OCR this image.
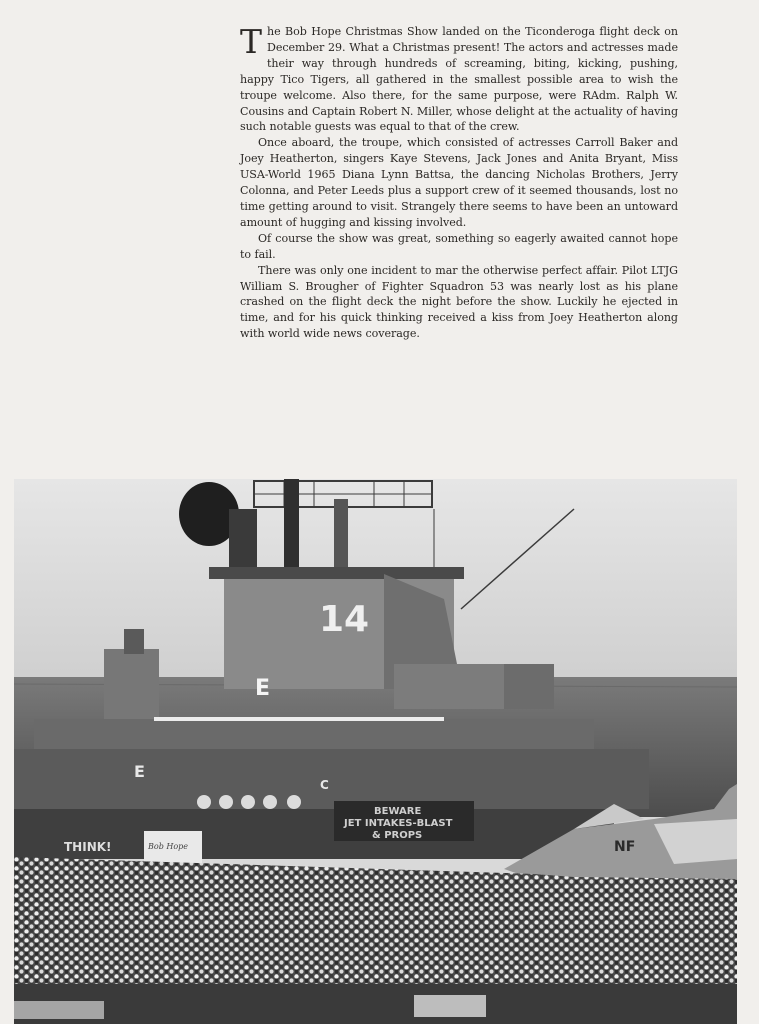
The Bob Hope Christmas Show landed on the Ticonderoga flight deck on December 29. What a Christmas present! The actors and actresses made their way through hundreds of screaming, biting, kicking, pushing, happy Tico Tigers, all gathered in the smallest possible area to wish the troupe welcome. Also there, for the same purpose, were RAdm. Ralph W. Cousins and Captain Robert N. Miller, whose delight at the actuality of having such notable guests was equal to that of the crew.

Once aboard, the troupe, which consisted of actresses Carroll Baker and Joey Heatherton, singers Kaye Stevens, Jack Jones and Anita Bryant, Miss USA-World 1965 Diana Lynn Battsa, the dancing Nicholas Brothers, Jerry Colonna, and Peter Leeds plus a support crew of it seemed thousands, lost no time getting around to visit. Strangely there seems to have been an untoward amount of hugging and kissing involved.

Of course the show was great, something so eagerly awaited cannot hope to fail.

There was only one incident to mar the otherwise perfect affair. Pilot LTJG William S. Brougher of Fighter Squadron 53 was nearly lost as his plane crashed on the flight deck the night before the show. Luckily he ejected in time, and for his quick thinking received a kiss from Joey Heatherton along with world wide news coverage.

14
E
E
C
BEWARE
JET INTAKES-BLAST
& PROPS
THINK!	Bob Hope	NF
